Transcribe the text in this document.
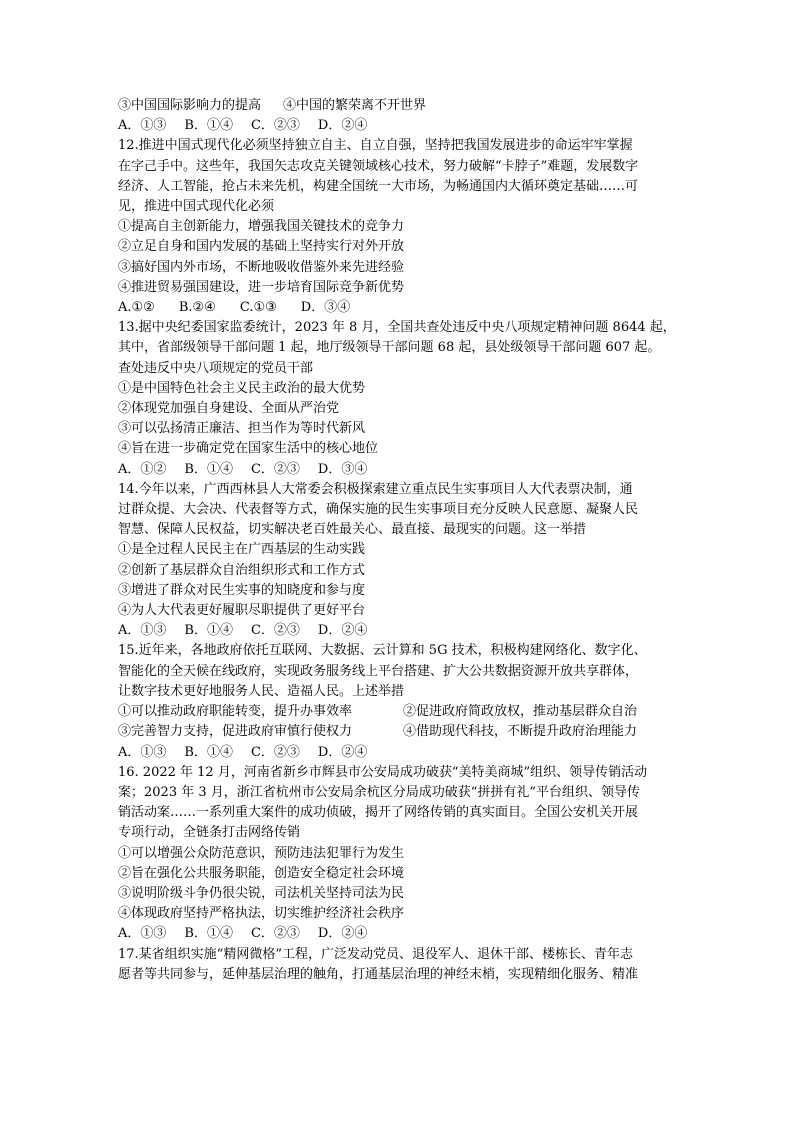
③中国国际影响力的提高 ④中国的繁荣离不开世界
A．①③ B．①④ C．②③ D．②④
12.推进中国式现代化必须坚持独立自主、自立自强，坚持把我国发展进步的命运牢牢掌握
在字己手中。这些年，我国矢志攻克关键领域核心技术，努力破解“卡脖子”难题，发展数字
经济、人工智能，抢占未来先机，构建全国统一大市场，为畅通国内大循环奠定基础……可
见，推进中国式现代化必须
①提高自主创新能力，增强我国关键技术的竞争力
②立足自身和国内发展的基础上坚持实行对外开放
③搞好国内外市场，不断地吸收借鉴外来先进经验
④推进贸易强国建设，进一步培育国际竞争新优势
A.①② B.②④ C.①③ D．③④
13.据中央纪委国家监委统计，2023 年 8 月，全国共查处违反中央八项规定精神问题 8644 起，
其中，省部级领导干部问题 1 起，地厅级领导干部问题 68 起，县处级领导干部问题 607 起。
查处违反中央八项规定的党员干部
①是中国特色社会主义民主政治的最大优势
②体现党加强自身建设、全面从严治党
③可以弘扬清正廉洁、担当作为等时代新风
④旨在进一步确定党在国家生活中的核心地位
A．①② B．①④ C．②③ D．③④
14.今年以来，广西西林县人大常委会积极探索建立重点民生实事项目人大代表票决制，通
过群众提、大会决、代表督等方式，确保实施的民生实事项目充分反映人民意愿、凝聚人民
智慧、保障人民权益，切实解决老百姓最关心、最直接、最现实的问题。这一举措
①是全过程人民民主在广西基层的生动实践
②创新了基层群众自治组织形式和工作方式
③增进了群众对民生实事的知晓度和参与度
④为人大代表更好履职尽职提供了更好平台
A．①③ B．①④ C．②③ D．②④
15.近年来，各地政府依托互联网、大数据、云计算和 5G 技术，积极构建网络化、数字化、
智能化的全天候在线政府，实现政务服务线上平台搭建、扩大公共数据资源开放共享群体，
让数字技术更好地服务人民、造福人民。上述举措
①可以推动政府职能转变，提升办事效率	②促进政府简政放权，推动基层群众自治
③完善智力支持，促进政府审慎行使权力	④借助现代科技，不断提升政府治理能力
A．①③ B．①④ C．②③ D．②④
16. 2022 年 12 月，河南省新乡市辉县市公安局成功破获“美特美商城”组织、领导传销活动
案；2023 年 3 月，浙江省杭州市公安局余杭区分局成功破获“拼拼有礼”平台组织、领导传
销活动案……一系列重大案件的成功侦破，揭开了网络传销的真实面目。全国公安机关开展
专项行动，全链条打击网络传销
①可以增强公众防范意识，预防违法犯罪行为发生
②旨在强化公共服务职能，创造安全稳定社会环境
③说明阶级斗争仍很尖锐，司法机关坚持司法为民
④体现政府坚持严格执法，切实维护经济社会秩序
A．①③ B．①④ C．②③ D．②④
17.某省组织实施“精网微格”工程，广泛发动党员、退役军人、退休干部、楼栋长、青年志
愿者等共同参与，延伸基层治理的触角，打通基层治理的神经末梢，实现精细化服务、精准
